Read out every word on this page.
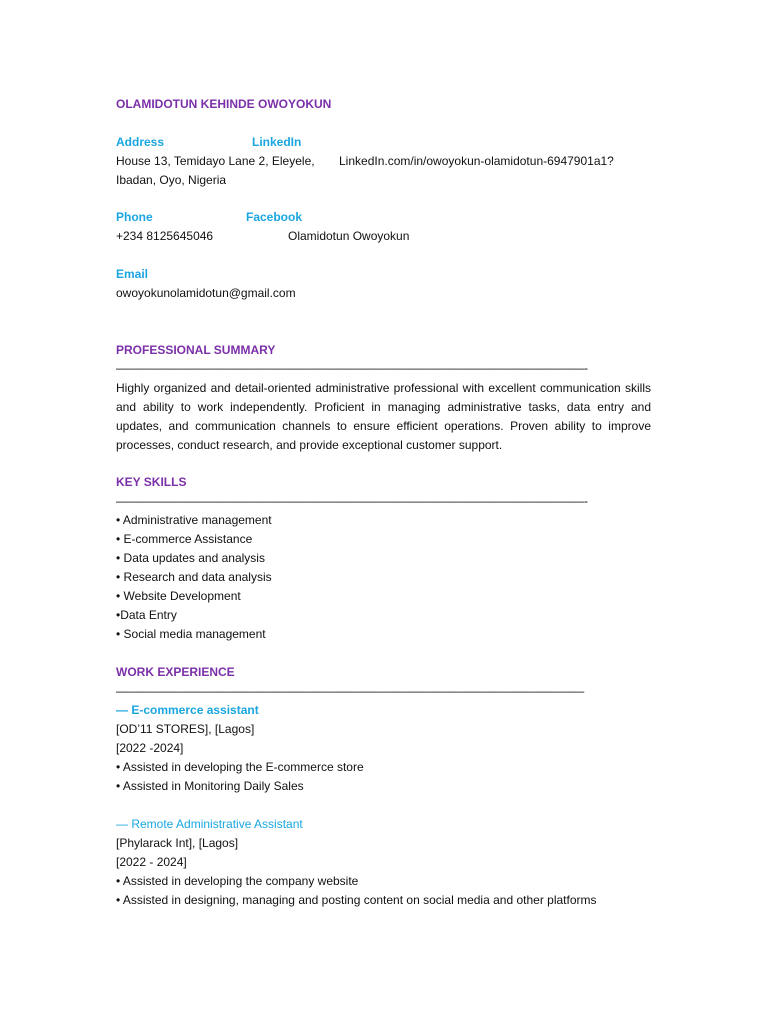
OLAMIDOTUN KEHINDE OWOYOKUN
Address	LinkedIn
House 13, Temidayo Lane 2, Eleyele, LinkedIn.com/in/owoyokun-olamidotun-6947901a1?
Ibadan, Oyo, Nigeria
Phone	Facebook
+234 8125645046	Olamidotun Owoyokun
Email
owoyokunolamidotun@gmail.com
PROFESSIONAL SUMMARY
————————————————————————————————————————-
Highly organized and detail-oriented administrative professional with excellent communication skills and ability to work independently. Proficient in managing administrative tasks, data entry and updates, and communication channels to ensure efficient operations. Proven ability to improve processes, conduct research, and provide exceptional customer support.
KEY SKILLS
————————————————————————————————————————-
• Administrative management
• E-commerce Assistance
• Data updates and analysis
• Research and data analysis
• Website Development
•Data Entry
• Social media management
WORK EXPERIENCE
————————————————————————————————————————
— E-commerce assistant
[OD’11 STORES], [Lagos]
[2022 -2024]
• Assisted in developing the E-commerce store
• Assisted in Monitoring Daily Sales
— Remote Administrative Assistant
[Phylarack Int], [Lagos]
[2022 - 2024]
• Assisted in developing the company website
• Assisted in designing, managing and posting content on social media and other platforms
